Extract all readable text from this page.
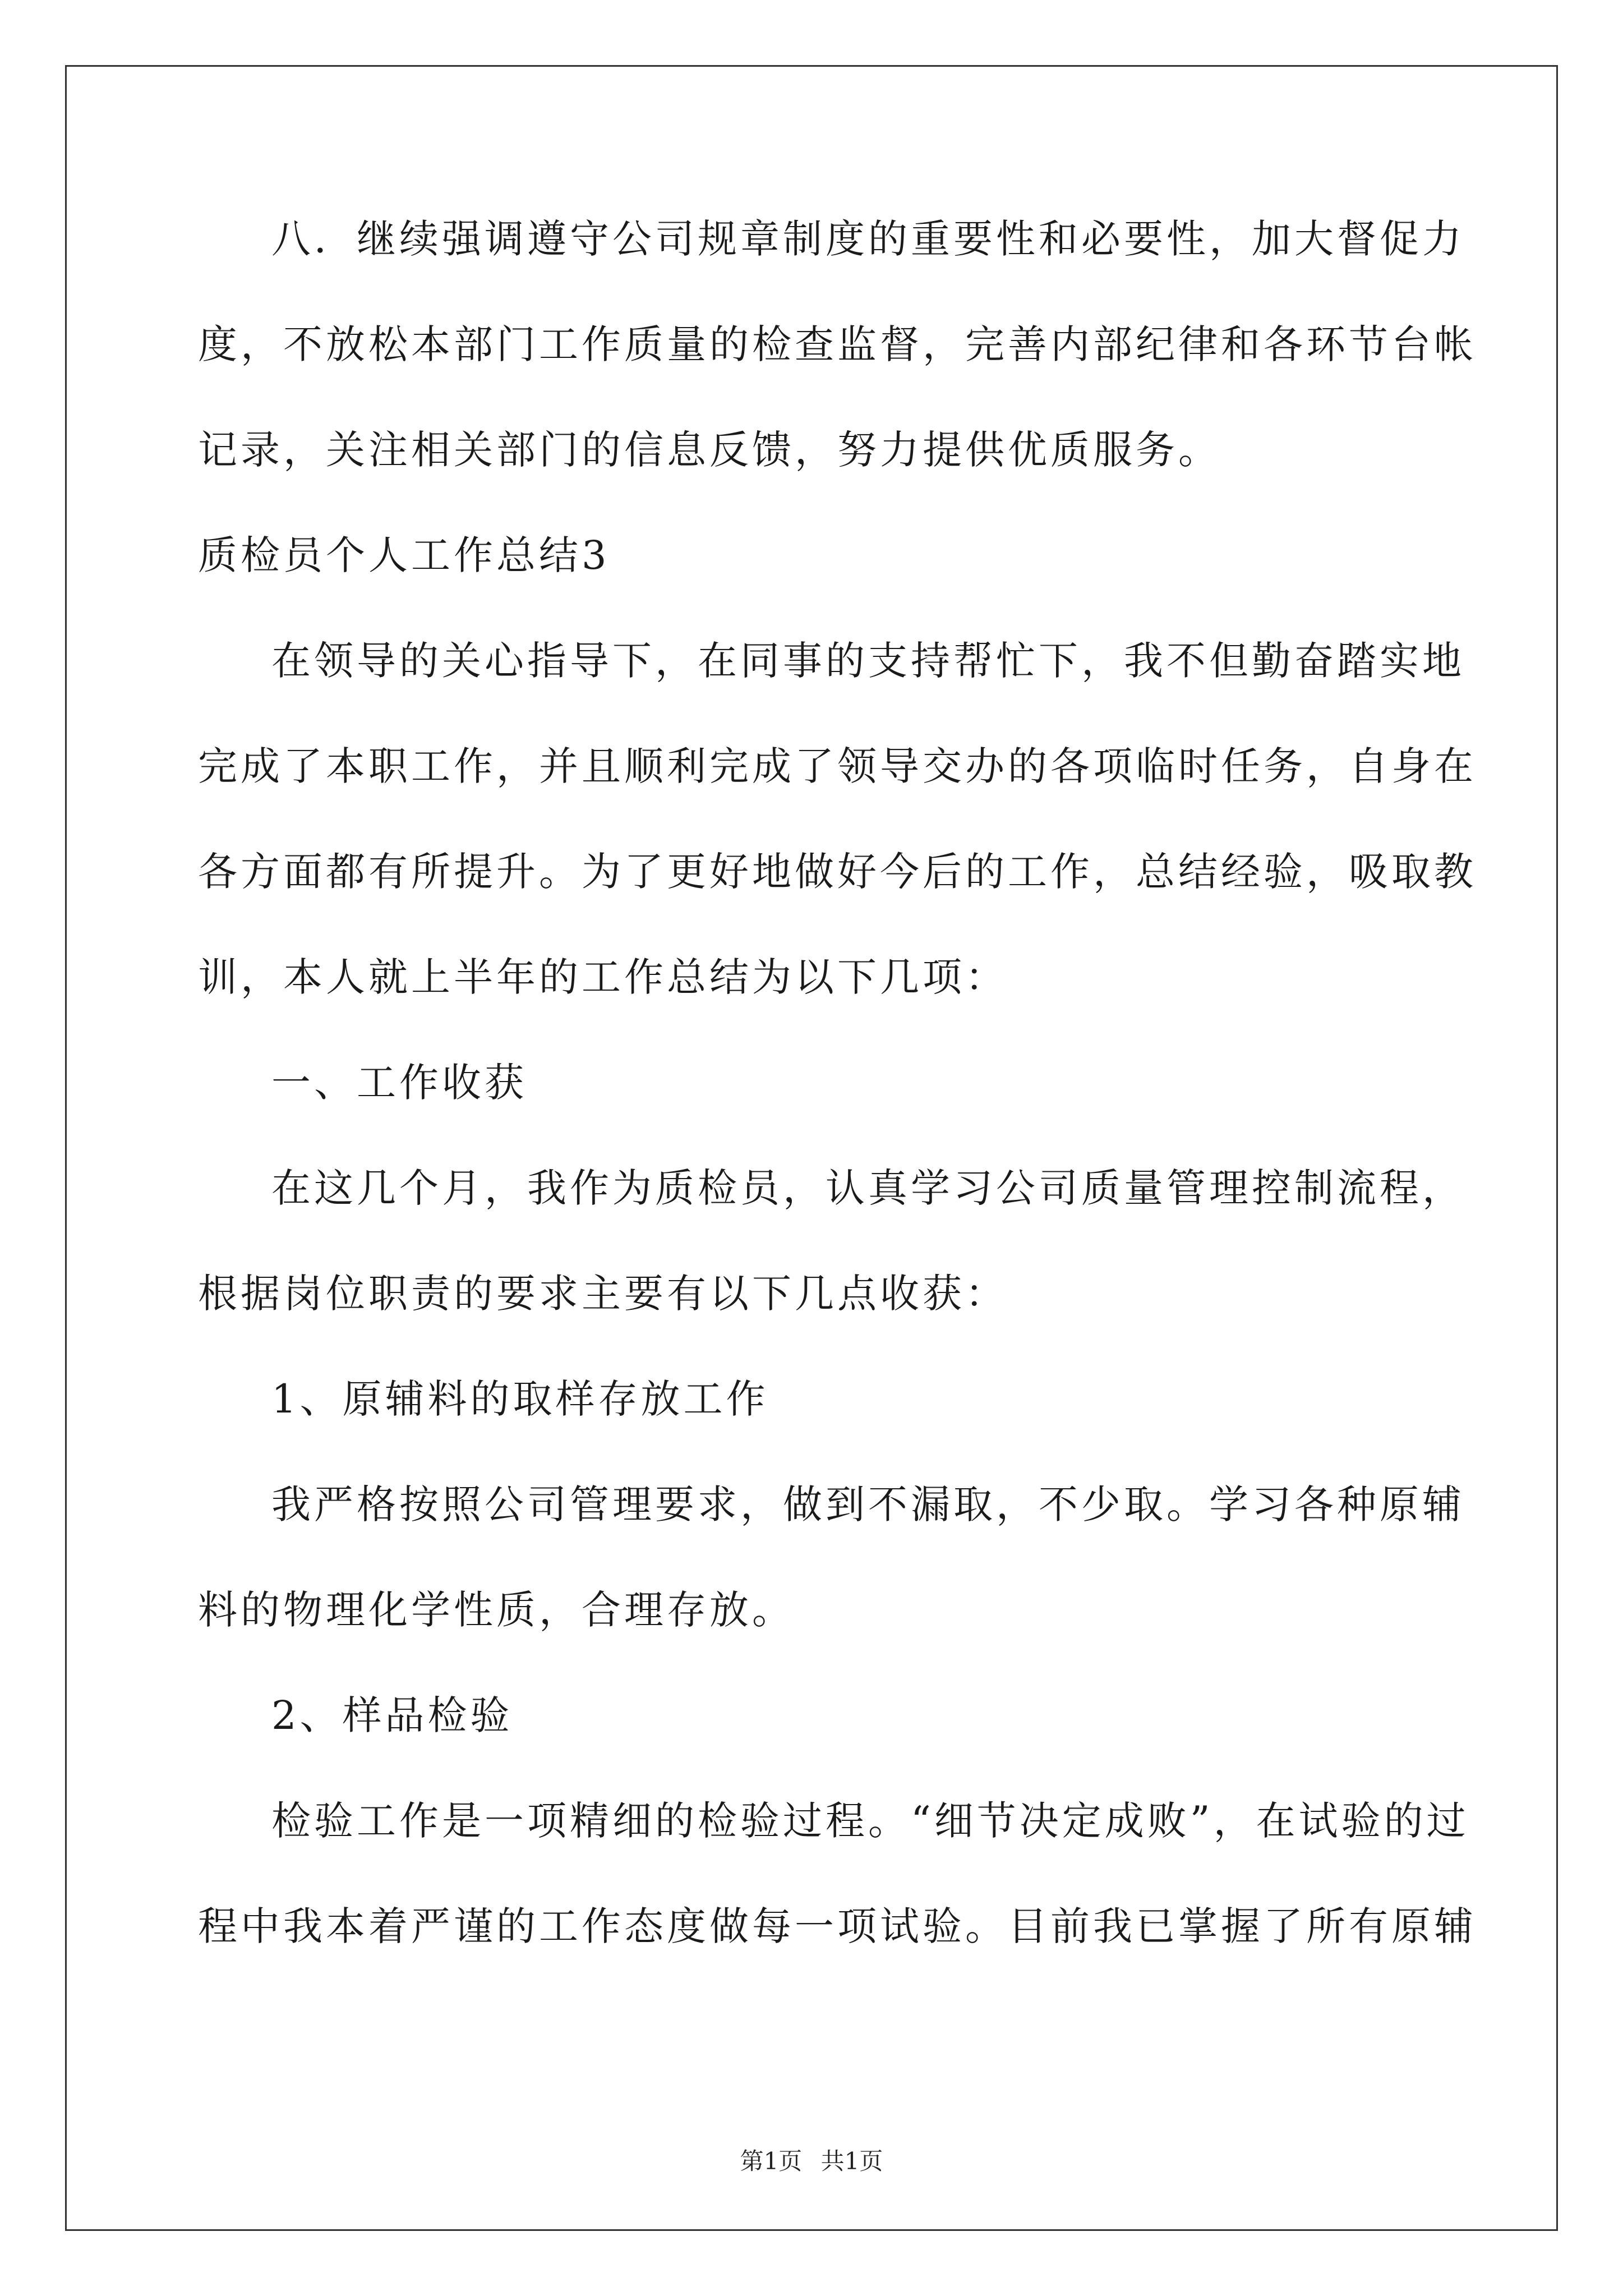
八．继续强调遵守公司规章制度的重要性和必要性，加大督促力
度，不放松本部门工作质量的检查监督，完善内部纪律和各环节台帐
记录，关注相关部门的信息反馈，努力提供优质服务。
质检员个人工作总结3
在领导的关心指导下，在同事的支持帮忙下，我不但勤奋踏实地
完成了本职工作，并且顺利完成了领导交办的各项临时任务，自身在
各方面都有所提升。为了更好地做好今后的工作，总结经验，吸取教
训，本人就上半年的工作总结为以下几项：
一、工作收获
在这几个月，我作为质检员，认真学习公司质量管理控制流程，
根据岗位职责的要求主要有以下几点收获：
1、原辅料的取样存放工作
我严格按照公司管理要求，做到不漏取，不少取。学习各种原辅
料的物理化学性质，合理存放。
2、样品检验
检验工作是一项精细的检验过程。“细节决定成败”，在试验的过
程中我本着严谨的工作态度做每一项试验。目前我已掌握了所有原辅
第1页 共1页
